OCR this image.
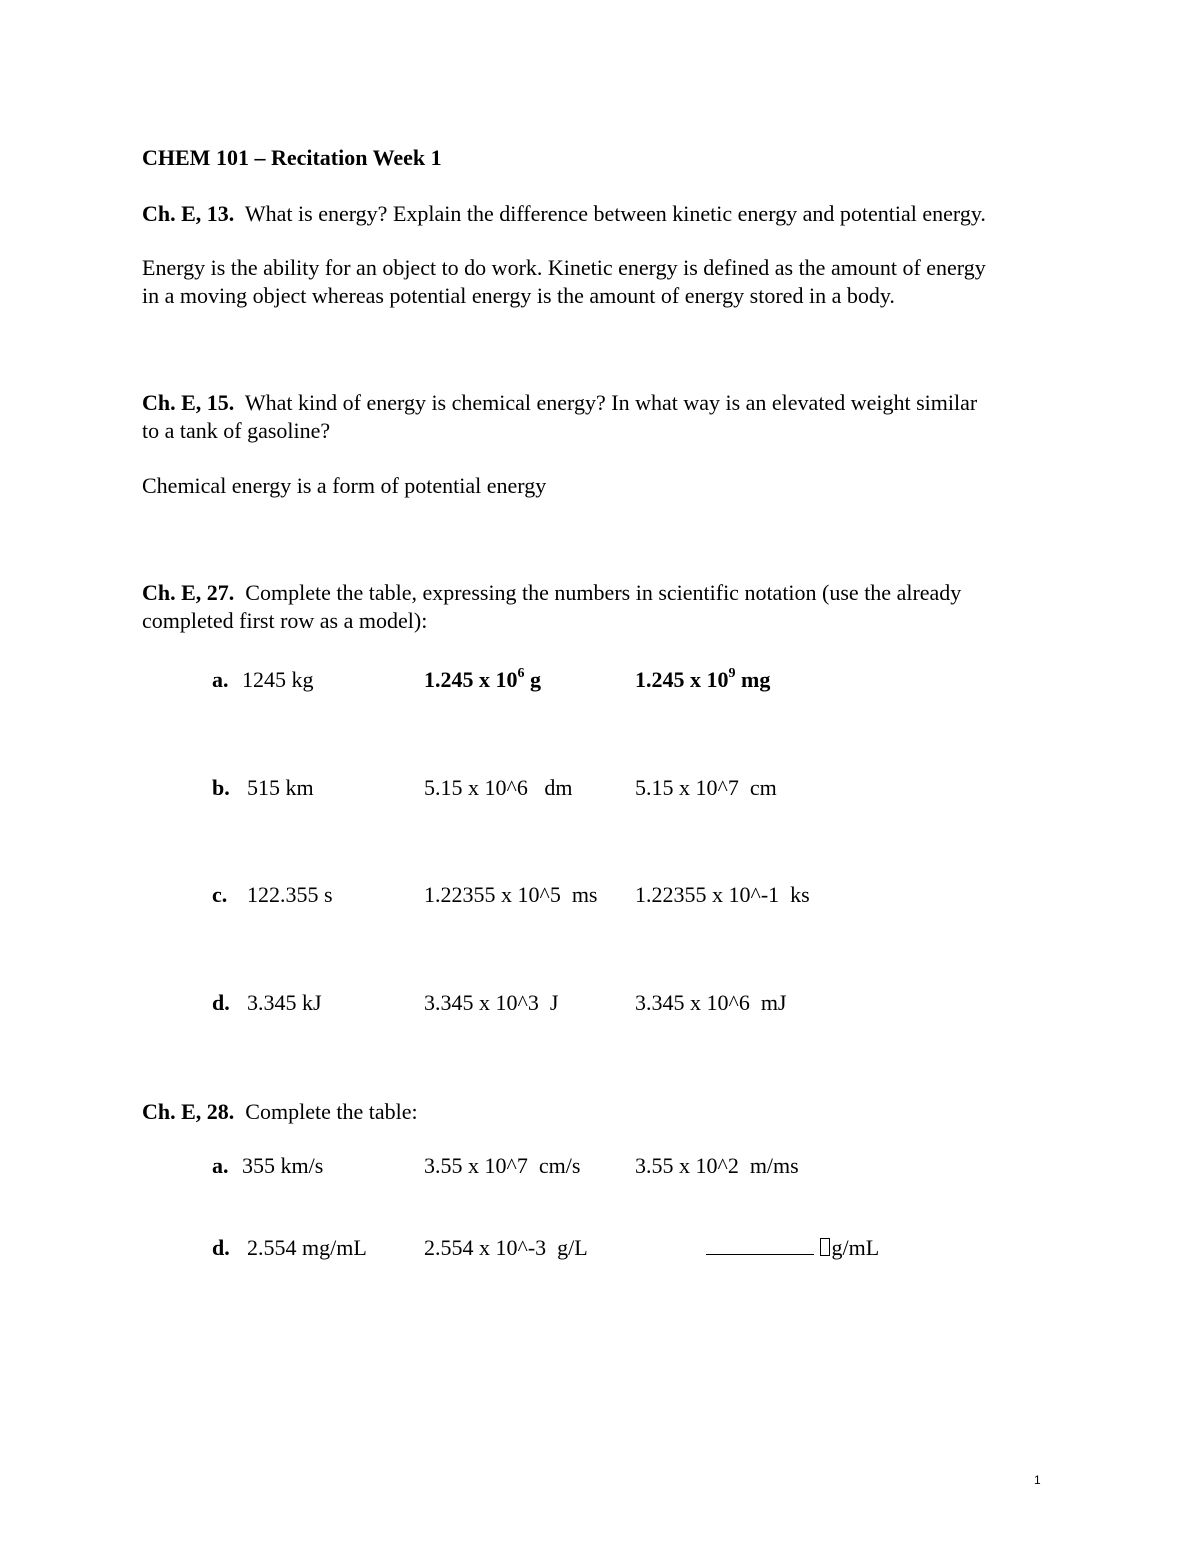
CHEM 101 – Recitation Week 1
Ch. E, 13. What is energy? Explain the difference between kinetic energy and potential energy.
Energy is the ability for an object to do work. Kinetic energy is defined as the amount of energy
in a moving object whereas potential energy is the amount of energy stored in a body.
Ch. E, 15. What kind of energy is chemical energy? In what way is an elevated weight similar
to a tank of gasoline?
Chemical energy is a form of potential energy
Ch. E, 27. Complete the table, expressing the numbers in scientific notation (use the already
completed first row as a model):
a. 1245 kg	1.245 x $10^6$ g	1.245 x $10^9$ mg
b. 515 km	5.15 x 10^6   dm	5.15 x 10^7  cm
c. 122.355 s	1.22355 x 10^5  ms 1.22355 x 10^-1  ks
d. 3.345 kJ	3.345 x 10^3  J	3.345 x 10^6  mJ
Ch. E, 28. Complete the table:
a. 355 km/s	3.55 x 10^7  cm/s 3.55 x 10^2  m/ms
d. 2.554 mg/mL	2.554 x 10^-3  g/L	g/mL
1
